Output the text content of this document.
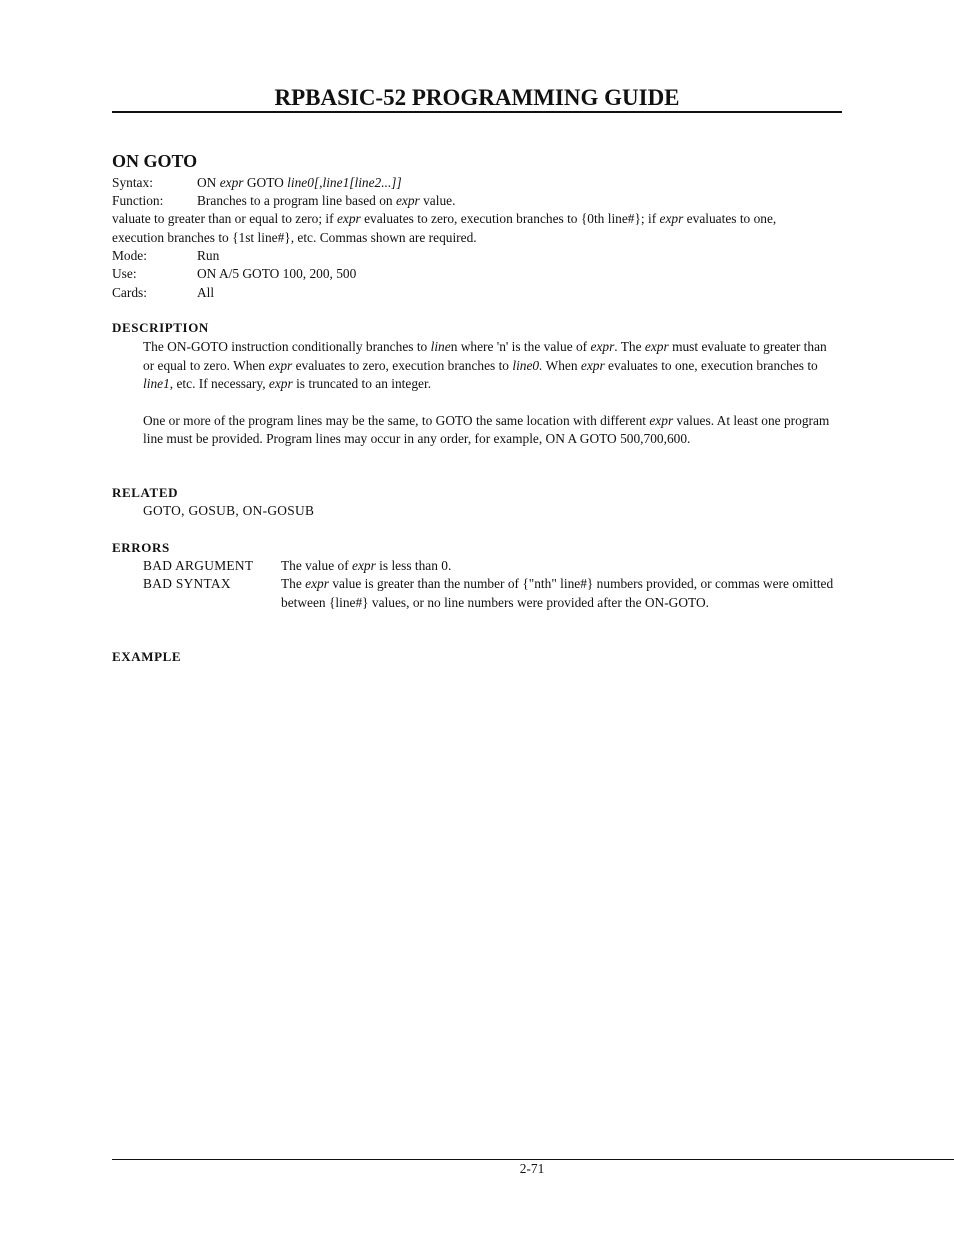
RPBASIC-52 PROGRAMMING GUIDE
ON GOTO
Syntax:	ON expr GOTO line0[,line1[line2...]]
Function:	Branches to a program line based on expr value.
valuate to greater than or equal to zero; if expr evaluates to zero, execution branches to {0th line#}; if expr evaluates to one, execution branches to {1st line#}, etc. Commas shown are required.
Mode:	Run
Use:	ON A/5 GOTO 100, 200, 500
Cards:	All
DESCRIPTION

The ON-GOTO instruction conditionally branches to linen where 'n' is the value of expr. The expr must evaluate to greater than or equal to zero. When expr evaluates to zero, execution branches to line0. When expr evaluates to one, execution branches to line1, etc. If necessary, expr is truncated to an integer.

One or more of the program lines may be the same, to GOTO the same location with different expr values. At least one program line must be provided. Program lines may occur in any order, for example, ON A GOTO 500,700,600.

RELATED
GOTO, GOSUB, ON-GOSUB
ERRORS
BAD ARGUMENT The value of expr is less than 0.
BAD SYNTAX	The expr value is greater than the number of {"nth" line#} numbers provided, or commas were omitted between {line#} values, or no line numbers were provided after the ON-GOTO.
EXAMPLE
2-71
